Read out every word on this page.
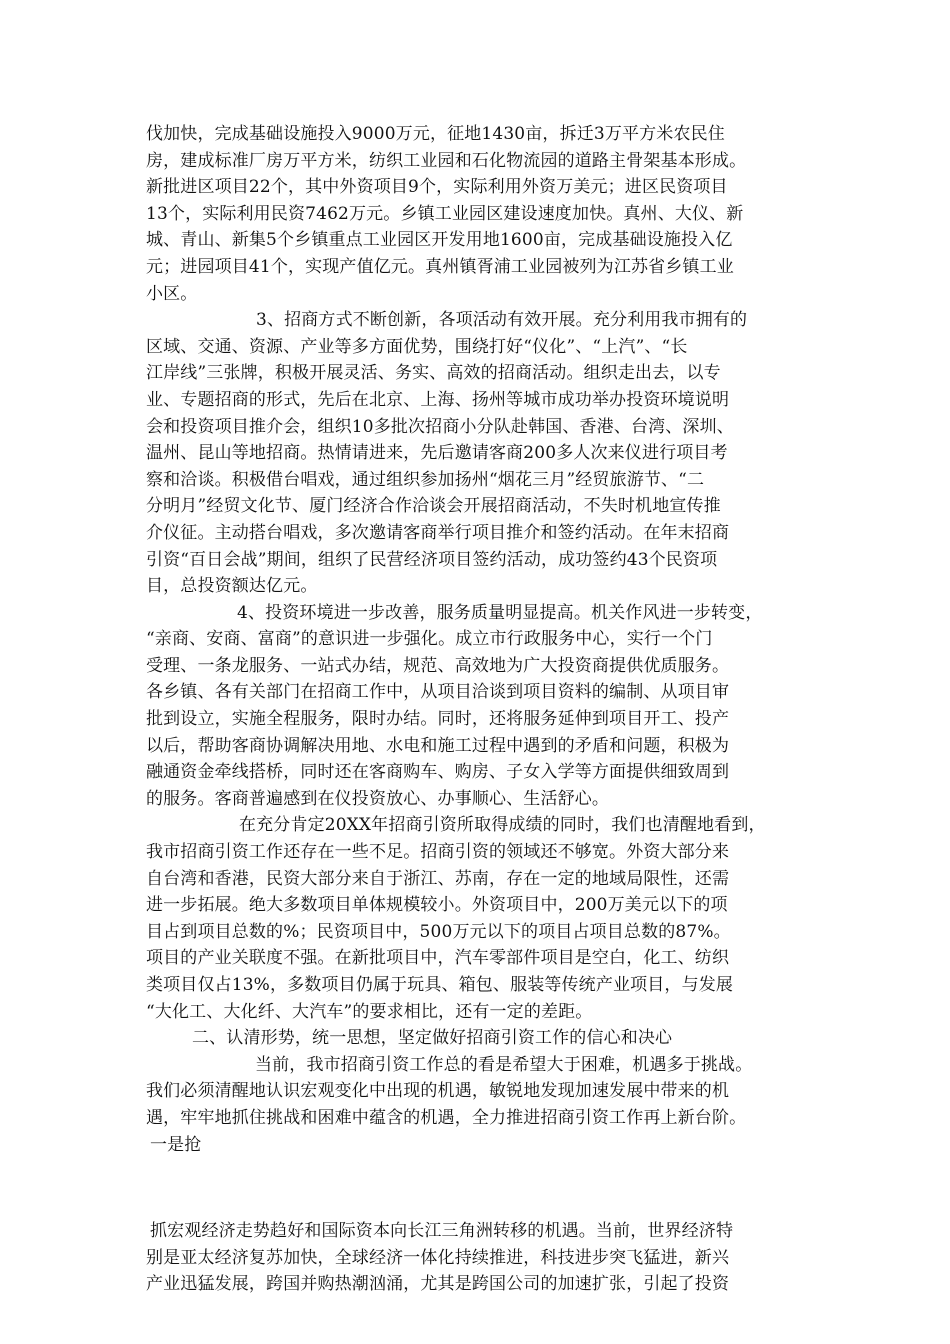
伐加快，完成基础设施投入9000万元，征地1430亩，拆迁3万平方米农民住
房，建成标准厂房万平方米，纺织工业园和石化物流园的道路主骨架基本形成。
新批进区项目22个，其中外资项目9个，实际利用外资万美元；进区民资项目
13个，实际利用民资7462万元。乡镇工业园区建设速度加快。真州、大仪、新
城、青山、新集5个乡镇重点工业园区开发用地1600亩，完成基础设施投入亿
元；进园项目41个，实现产值亿元。真州镇胥浦工业园被列为江苏省乡镇工业
小区。
3、招商方式不断创新，各项活动有效开展。充分利用我市拥有的
区域、交通、资源、产业等多方面优势，围绕打好“仪化”、“上汽”、“长
江岸线”三张牌，积极开展灵活、务实、高效的招商活动。组织走出去，以专
业、专题招商的形式，先后在北京、上海、扬州等城市成功举办投资环境说明
会和投资项目推介会，组织10多批次招商小分队赴韩国、香港、台湾、深圳、
温州、昆山等地招商。热情请进来，先后邀请客商200多人次来仪进行项目考
察和洽谈。积极借台唱戏，通过组织参加扬州“烟花三月”经贸旅游节、“二
分明月”经贸文化节、厦门经济合作洽谈会开展招商活动，不失时机地宣传推
介仪征。主动搭台唱戏，多次邀请客商举行项目推介和签约活动。在年末招商
引资“百日会战”期间，组织了民营经济项目签约活动，成功签约43个民资项
目，总投资额达亿元。
4、投资环境进一步改善，服务质量明显提高。机关作风进一步转变，
“亲商、安商、富商”的意识进一步强化。成立市行政服务中心，实行一个门
受理、一条龙服务、一站式办结，规范、高效地为广大投资商提供优质服务。
各乡镇、各有关部门在招商工作中，从项目洽谈到项目资料的编制、从项目审
批到设立，实施全程服务，限时办结。同时，还将服务延伸到项目开工、投产
以后，帮助客商协调解决用地、水电和施工过程中遇到的矛盾和问题，积极为
融通资金牵线搭桥，同时还在客商购车、购房、子女入学等方面提供细致周到
的服务。客商普遍感到在仪投资放心、办事顺心、生活舒心。
在充分肯定20XX年招商引资所取得成绩的同时，我们也清醒地看到，
我市招商引资工作还存在一些不足。招商引资的领域还不够宽。外资大部分来
自台湾和香港，民资大部分来自于浙江、苏南，存在一定的地域局限性，还需
进一步拓展。绝大多数项目单体规模较小。外资项目中，200万美元以下的项
目占到项目总数的%；民资项目中，500万元以下的项目占项目总数的87%。
项目的产业关联度不强。在新批项目中，汽车零部件项目是空白，化工、纺织
类项目仅占13%，多数项目仍属于玩具、箱包、服装等传统产业项目，与发展
“大化工、大化纤、大汽车”的要求相比，还有一定的差距。
二、认清形势，统一思想，坚定做好招商引资工作的信心和决心
当前，我市招商引资工作总的看是希望大于困难，机遇多于挑战。
我们必须清醒地认识宏观变化中出现的机遇，敏锐地发现加速发展中带来的机
遇，牢牢地抓住挑战和困难中蕴含的机遇，全力推进招商引资工作再上新台阶。
一是抢
抓宏观经济走势趋好和国际资本向长江三角洲转移的机遇。当前，世界经济特
别是亚太经济复苏加快，全球经济一体化持续推进，科技进步突飞猛进，新兴
产业迅猛发展，跨国并购热潮汹涌，尤其是跨国公司的加速扩张，引起了投资
